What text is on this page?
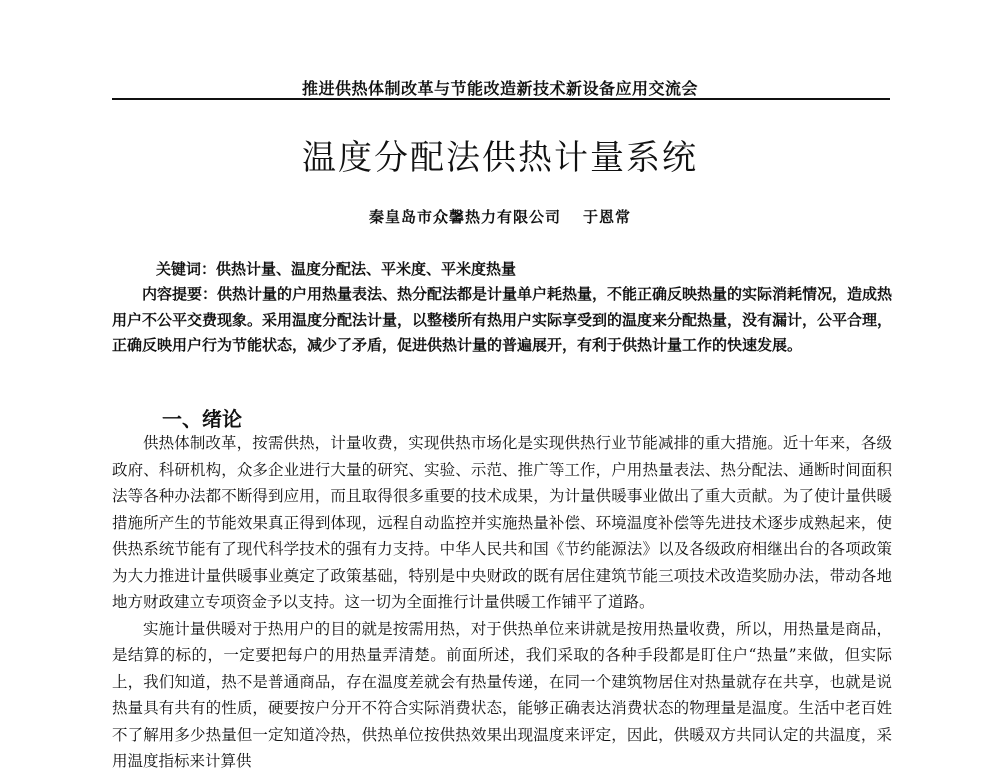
推进供热体制改革与节能改造新技术新设备应用交流会
温度分配法供热计量系统
秦皇岛市众馨热力有限公司 于恩常
关键词：供热计量、温度分配法、平米度、平米度热量

内容提要：供热计量的户用热量表法、热分配法都是计量单户耗热量，不能正确反映热量的实际消耗情况，造成热用户不公平交费现象。采用温度分配法计量，以整楼所有热用户实际享受到的温度来分配热量，没有漏计，公平合理，正确反映用户行为节能状态，减少了矛盾，促进供热计量的普遍展开，有利于供热计量工作的快速发展。

一、绪论

供热体制改革，按需供热，计量收费，实现供热市场化是实现供热行业节能减排的重大措施。近十年来，各级政府、科研机构，众多企业进行大量的研究、实验、示范、推广等工作，户用热量表法、热分配法、通断时间面积法等各种办法都不断得到应用，而且取得很多重要的技术成果，为计量供暖事业做出了重大贡献。为了使计量供暖措施所产生的节能效果真正得到体现，远程自动监控并实施热量补偿、环境温度补偿等先进技术逐步成熟起来，使供热系统节能有了现代科学技术的强有力支持。中华人民共和国《节约能源法》以及各级政府相继出台的各项政策为大力推进计量供暖事业奠定了政策基础，特别是中央财政的既有居住建筑节能三项技术改造奖励办法，带动各地地方财政建立专项资金予以支持。这一切为全面推行计量供暖工作铺平了道路。

实施计量供暖对于热用户的目的就是按需用热，对于供热单位来讲就是按用热量收费，所以，用热量是商品，是结算的标的，一定要把每户的用热量弄清楚。前面所述，我们采取的各种手段都是盯住户“热量”来做，但实际上，我们知道，热不是普通商品，存在温度差就会有热量传递，在同一个建筑物居住对热量就存在共享，也就是说热量具有共有的性质，硬要按户分开不符合实际消费状态，能够正确表达消费状态的物理量是温度。生活中老百姓不了解用多少热量但一定知道冷热，供热单位按供热效果出现温度来评定，因此，供暖双方共同认定的共温度，采用温度指标来计算供
